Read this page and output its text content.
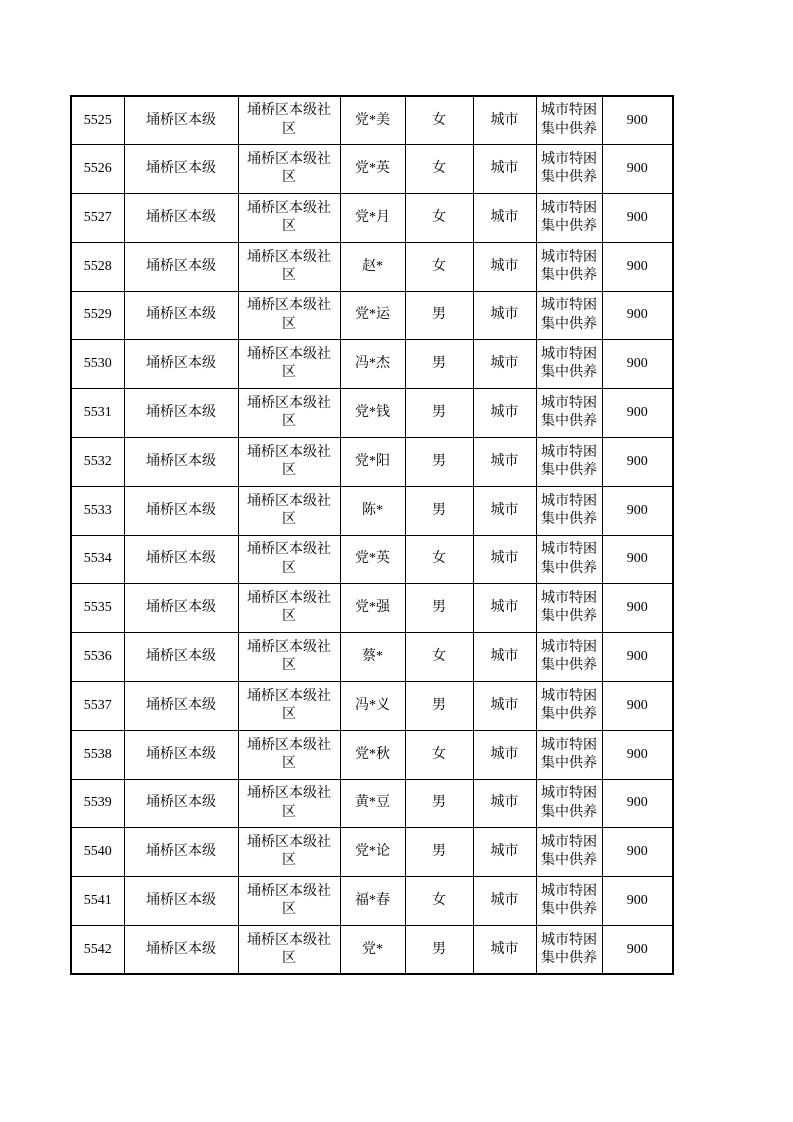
5525	埇桥区本级	埇桥区本级社区	党*美	女	城市	城市特困集中供养	900
5526	埇桥区本级	埇桥区本级社区	党*英	女	城市	城市特困集中供养	900
5527	埇桥区本级	埇桥区本级社区	党*月	女	城市	城市特困集中供养	900
5528	埇桥区本级	埇桥区本级社区	赵*	女	城市	城市特困集中供养	900
5529	埇桥区本级	埇桥区本级社区	党*运	男	城市	城市特困集中供养	900
5530	埇桥区本级	埇桥区本级社区	冯*杰	男	城市	城市特困集中供养	900
5531	埇桥区本级	埇桥区本级社区	党*钱	男	城市	城市特困集中供养	900
5532	埇桥区本级	埇桥区本级社区	党*阳	男	城市	城市特困集中供养	900
5533	埇桥区本级	埇桥区本级社区	陈*	男	城市	城市特困集中供养	900
5534	埇桥区本级	埇桥区本级社区	党*英	女	城市	城市特困集中供养	900
5535	埇桥区本级	埇桥区本级社区	党*强	男	城市	城市特困集中供养	900
5536	埇桥区本级	埇桥区本级社区	蔡*	女	城市	城市特困集中供养	900
5537	埇桥区本级	埇桥区本级社区	冯*义	男	城市	城市特困集中供养	900
5538	埇桥区本级	埇桥区本级社区	党*秋	女	城市	城市特困集中供养	900
5539	埇桥区本级	埇桥区本级社区	黄*豆	男	城市	城市特困集中供养	900
5540	埇桥区本级	埇桥区本级社区	党*论	男	城市	城市特困集中供养	900
5541	埇桥区本级	埇桥区本级社区	福*春	女	城市	城市特困集中供养	900
5542	埇桥区本级	埇桥区本级社区	党*	男	城市	城市特困集中供养	900
